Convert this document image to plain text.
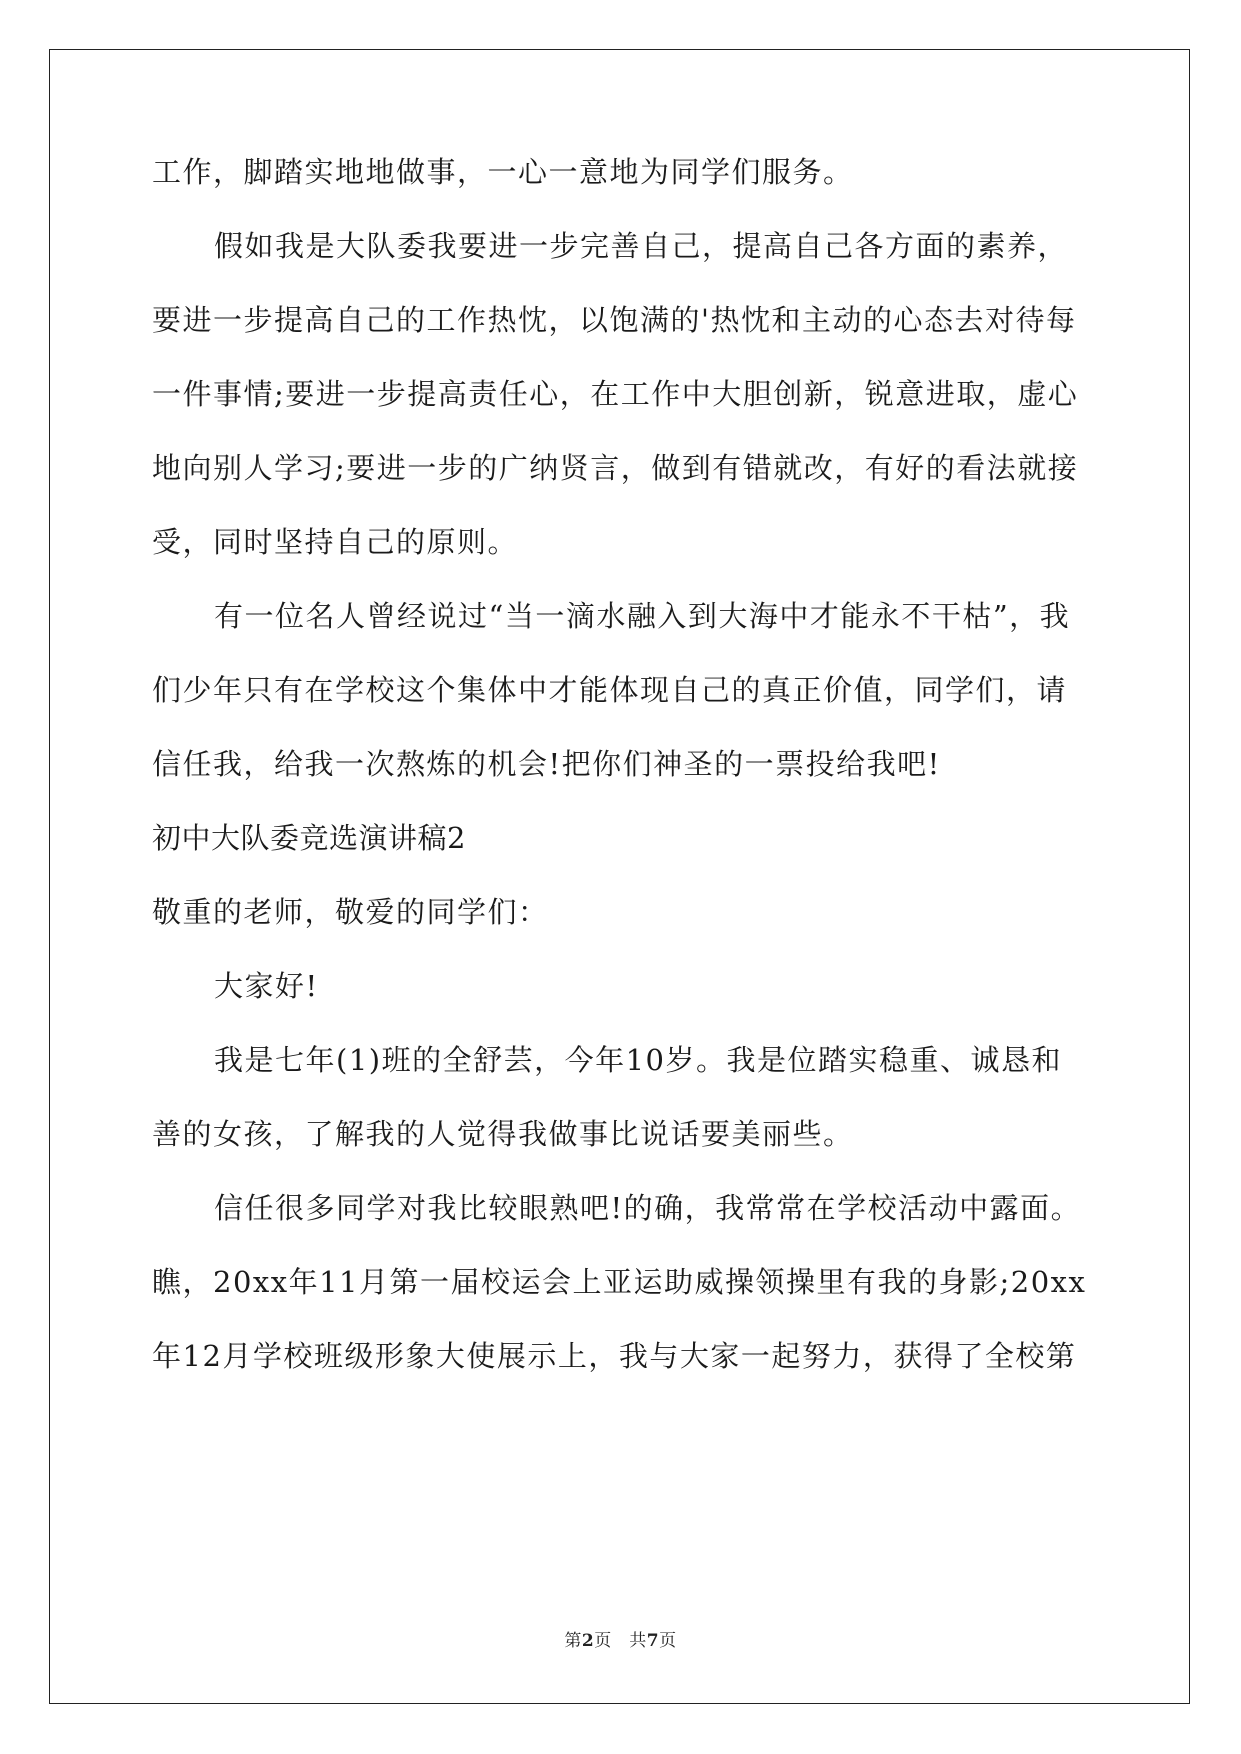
工作，脚踏实地地做事，一心一意地为同学们服务。
假如我是大队委我要进一步完善自己，提高自己各方面的素养，
要进一步提高自己的工作热忱，以饱满的'热忱和主动的心态去对待每
一件事情;要进一步提高责任心，在工作中大胆创新，锐意进取，虚心
地向别人学习;要进一步的广纳贤言，做到有错就改，有好的看法就接
受，同时坚持自己的原则。
有一位名人曾经说过“当一滴水融入到大海中才能永不干枯”，我
们少年只有在学校这个集体中才能体现自己的真正价值，同学们，请
信任我，给我一次熬炼的机会!把你们神圣的一票投给我吧!
初中大队委竞选演讲稿2
敬重的老师，敬爱的同学们：
大家好!
我是七年(1)班的全舒芸，今年10岁。我是位踏实稳重、诚恳和
善的女孩，了解我的人觉得我做事比说话要美丽些。
信任很多同学对我比较眼熟吧!的确，我常常在学校活动中露面。
瞧，20xx年11月第一届校运会上亚运助威操领操里有我的身影;20xx
年12月学校班级形象大使展示上，我与大家一起努力，获得了全校第
第2页　共7页
